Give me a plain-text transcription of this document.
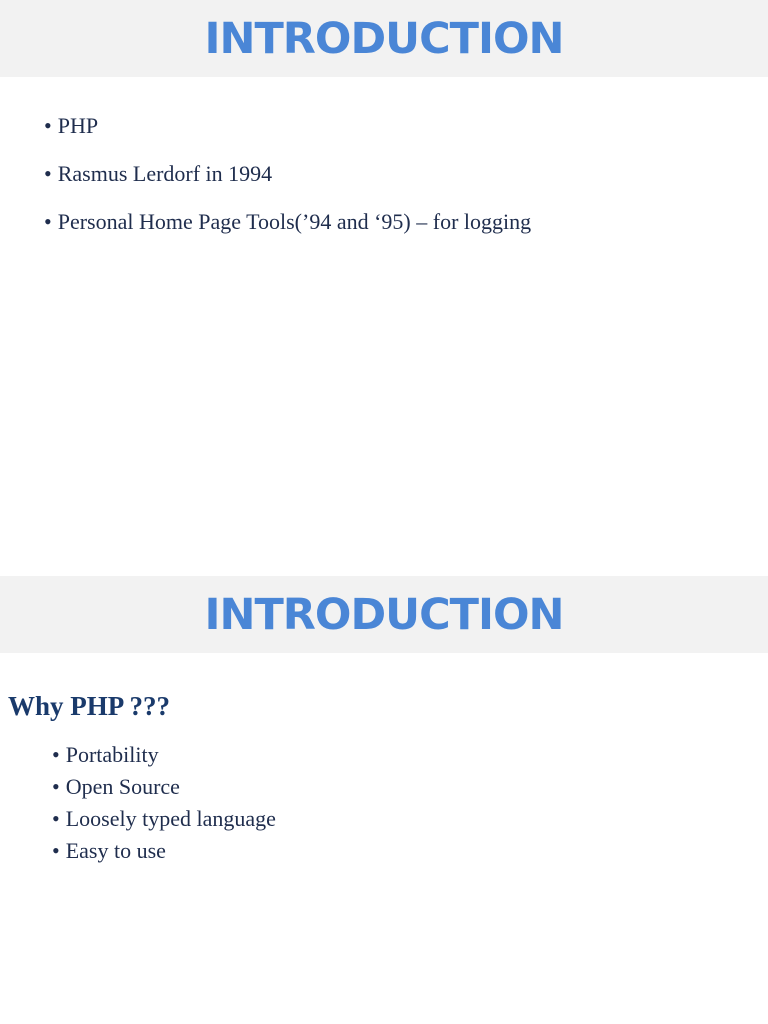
INTRODUCTION
• PHP
• Rasmus Lerdorf in 1994
• Personal Home Page Tools(’94 and ‘95) – for logging
INTRODUCTION
Why PHP ???
• Portability
• Open Source
• Loosely typed language
• Easy to use
